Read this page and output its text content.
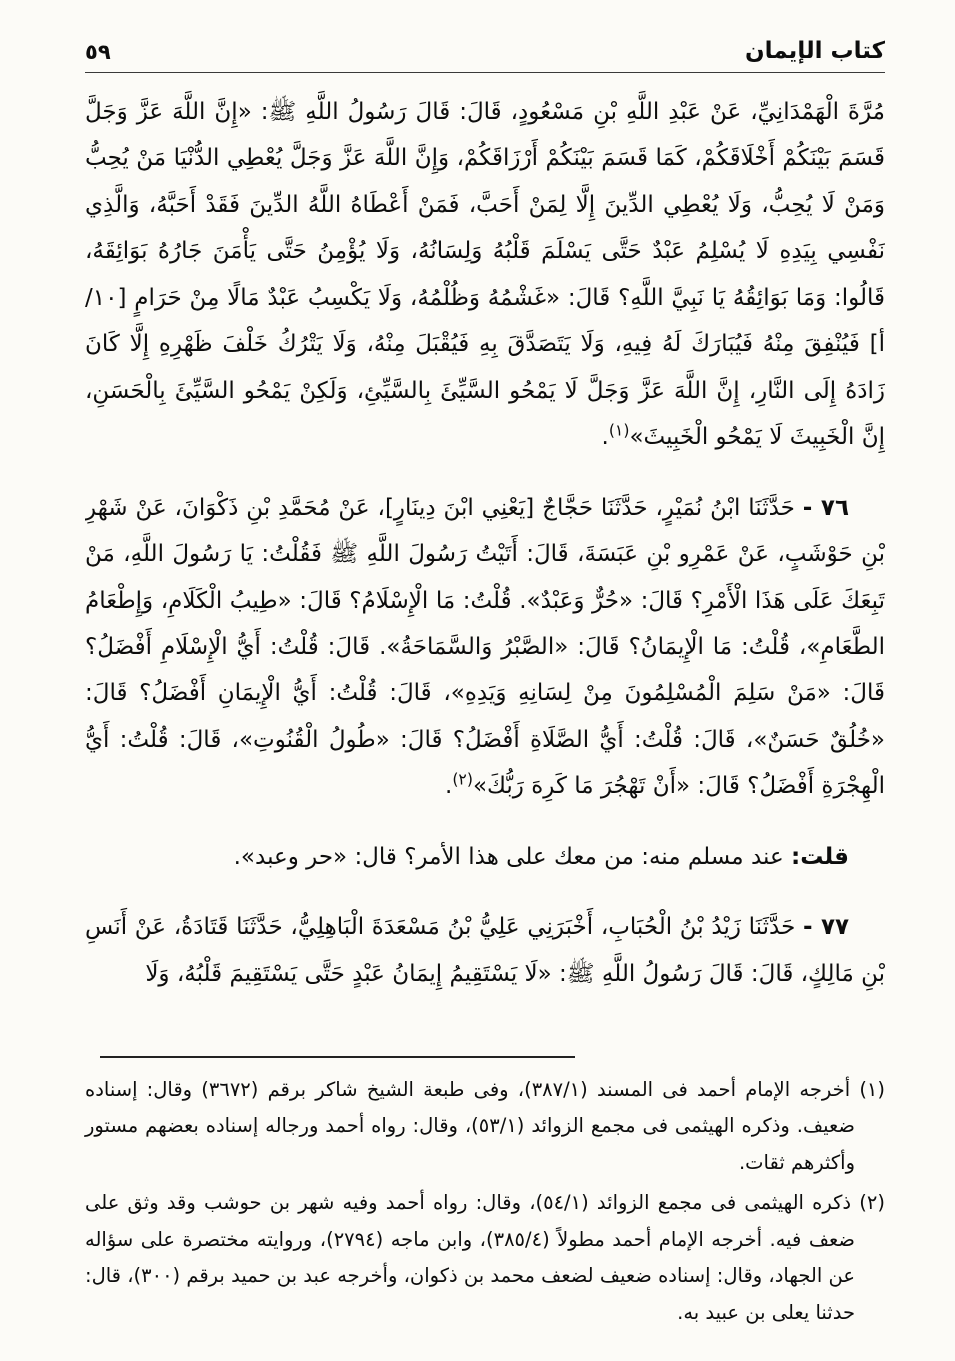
كتاب الإيمان
٥٩

مُرَّةَ الْهَمْدَانِيِّ، عَنْ عَبْدِ اللَّهِ بْنِ مَسْعُودٍ، قَالَ: قَالَ رَسُولُ اللَّهِ ﷺ: «إِنَّ اللَّهَ عَزَّ وَجَلَّ قَسَمَ بَيْنَكُمْ أَخْلَاقَكُمْ، كَمَا قَسَمَ بَيْنَكُمْ أَرْزَاقَكُمْ، وَإِنَّ اللَّهَ عَزَّ وَجَلَّ يُعْطِي الدُّنْيَا مَنْ يُحِبُّ وَمَنْ لَا يُحِبُّ، وَلَا يُعْطِي الدِّينَ إِلَّا لِمَنْ أَحَبَّ، فَمَنْ أَعْطَاهُ اللَّهُ الدِّينَ فَقَدْ أَحَبَّهُ، وَالَّذِي نَفْسِي بِيَدِهِ لَا يُسْلِمُ عَبْدٌ حَتَّى يَسْلَمَ قَلْبُهُ وَلِسَانُهُ، وَلَا يُؤْمِنُ حَتَّى يَأْمَنَ جَارُهُ بَوَائِقَهُ، قَالُوا: وَمَا بَوَائِقُهُ يَا نَبِيَّ اللَّهِ؟ قَالَ: «غَشْمُهُ وَظُلْمُهُ، وَلَا يَكْسِبُ عَبْدٌ مَالًا مِنْ حَرَامٍ [١٠/أ] فَيُنْفِقَ مِنْهُ فَيُبَارَكَ لَهُ فِيهِ، وَلَا يَتَصَدَّقَ بِهِ فَيُقْبَلَ مِنْهُ، وَلَا يَتْرُكُ خَلْفَ ظَهْرِهِ إِلَّا كَانَ زَادَهُ إِلَى النَّارِ، إِنَّ اللَّهَ عَزَّ وَجَلَّ لَا يَمْحُو السَّيِّئَ بِالسَّيِّئِ، وَلَكِنْ يَمْحُو السَّيِّئَ بِالْحَسَنِ، إِنَّ الْخَبِيثَ لَا يَمْحُو الْخَبِيثَ»$^{(١)}$.

٧٦ - حَدَّثَنَا ابْنُ نُمَيْرٍ، حَدَّثَنَا حَجَّاجٌ [يَعْنِي ابْنَ دِينَارٍ]، عَنْ مُحَمَّدِ بْنِ ذَكْوَانَ، عَنْ شَهْرِ بْنِ حَوْشَبٍ، عَنْ عَمْرِو بْنِ عَبَسَةَ، قَالَ: أَتَيْتُ رَسُولَ اللَّهِ ﷺ فَقُلْتُ: يَا رَسُولَ اللَّهِ، مَنْ تَبِعَكَ عَلَى هَذَا الْأَمْرِ؟ قَالَ: «حُرٌّ وَعَبْدٌ». قُلْتُ: مَا الْإِسْلَامُ؟ قَالَ: «طِيبُ الْكَلَامِ، وَإِطْعَامُ الطَّعَامِ»، قُلْتُ: مَا الْإِيمَانُ؟ قَالَ: «الصَّبْرُ وَالسَّمَاحَةُ». قَالَ: قُلْتُ: أَيُّ الْإِسْلَامِ أَفْضَلُ؟ قَالَ: «مَنْ سَلِمَ الْمُسْلِمُونَ مِنْ لِسَانِهِ وَيَدِهِ»، قَالَ: قُلْتُ: أَيُّ الْإِيمَانِ أَفْضَلُ؟ قَالَ: «خُلُقٌ حَسَنٌ»، قَالَ: قُلْتُ: أَيُّ الصَّلَاةِ أَفْضَلُ؟ قَالَ: «طُولُ الْقُنُوتِ»، قَالَ: قُلْتُ: أَيُّ الْهِجْرَةِ أَفْضَلُ؟ قَالَ: «أَنْ تَهْجُرَ مَا كَرِهَ رَبُّكَ»$^{(٢)}$.

قلت: عند مسلم منه: من معك على هذا الأمر؟ قال: «حر وعبد».

٧٧ - حَدَّثَنَا زَيْدُ بْنُ الْحُبَابِ، أَخْبَرَنِي عَلِيُّ بْنُ مَسْعَدَةَ الْبَاهِلِيُّ، حَدَّثَنَا قَتَادَةُ، عَنْ أَنَسِ بْنِ مَالِكٍ، قَالَ: قَالَ رَسُولُ اللَّهِ ﷺ: «لَا يَسْتَقِيمُ إِيمَانُ عَبْدٍ حَتَّى يَسْتَقِيمَ قَلْبُهُ، وَلَا

(١) أخرجه الإمام أحمد فى المسند (٣٨٧/١)، وفى طبعة الشيخ شاكر برقم (٣٦٧٢) وقال: إسناده ضعيف. وذكره الهيثمى فى مجمع الزوائد (٥٣/١)، وقال: رواه أحمد ورجاله إسناده بعضهم مستور وأكثرهم ثقات.

(٢) ذكره الهيثمى فى مجمع الزوائد (٥٤/١)، وقال: رواه أحمد وفيه شهر بن حوشب وقد وثق على ضعف فيه. أخرجه الإمام أحمد مطولاً (٣٨٥/٤)، وابن ماجه (٢٧٩٤)، وروايته مختصرة على سؤاله عن الجهاد، وقال: إسناده ضعيف لضعف محمد بن ذكوان، وأخرجه عبد بن حميد برقم (٣٠٠)، قال: حدثنا يعلى بن عبيد به.
